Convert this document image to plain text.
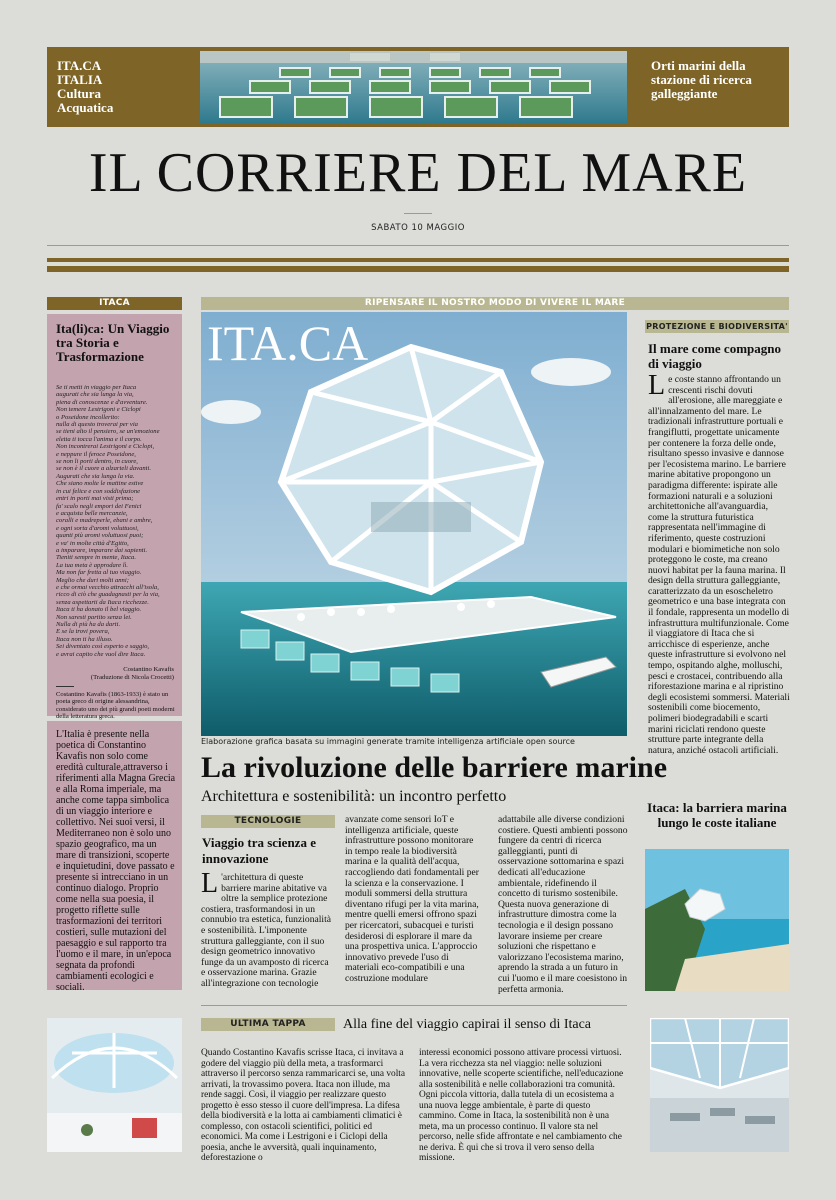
ITA.CA
ITALIA
Cultura
Acquatica
Orti marini della stazione di ricerca galleggiante
IL CORRIERE DEL MARE
SABATO 10 MAGGIO
ITACA
Ita(li)ca: Un Viaggio tra Storia e Trasformazione
Se ti metti in viaggio per Itaca
augurati che sia lunga la via,
piena di conoscenze e d'avventure.
Non temere Lestrigoni e Ciclopi
o Poseidone incollerito:
nulla di questo troverai per via
se tieni alto il pensiero, se un'emozione
eletta ti tocca l'anima e il corpo.
Non incontrerai Lestrigoni e Ciclopi,
e neppure il feroce Poseidone,
se non li porti dentro, in cuore,
se non è il cuore a alzarteli davanti.
Augurati che sia lunga la via.
Che siano molte le mattine estive
in cui felice e con soddisfazione
entri in porti mai visti prima;
fa' scalo negli empori dei Fenici
e acquista belle mercanzie,
coralli e madreperle, ebani e ambre,
e ogni sorta d'aromi voluttuosi,
quanti più aromi voluttuosi puoi;
e va' in molte città d'Egitto,
a imparare, imparare dai sapienti.
Tieniti sempre in mente, Itaca.
La tua meta è approdare lì.
Ma non far fretta al tuo viaggio.
Meglio che duri molti anni;
e che ormai vecchio attracchi all'isola,
ricco di ciò che guadagnasti per la via,
senza aspettarti da Itaca ricchezze.
Itaca ti ha donato il bel viaggio.
Non saresti partito senza lei.
Nulla di più ha da darti.
E se la trovi povera,
Itaca non ti ha illuso.
Sei diventato così esperto e saggio,
e avrai capito che vuol dire Itaca.
Costantino Kavafis
(Traduzione di Nicola Crocetti)
Costantino Kavafis (1863-1933) è stato un poeta greco di origine alessandrina, considerato uno dei più grandi poeti moderni della letteratura greca.
L'Italia è presente nella poetica di Constantino Kavafis non solo come eredità culturale,attraverso i riferimenti alla Magna Grecia e alla Roma imperiale, ma anche come tappa simbolica di un viaggio interiore e collettivo. Nei suoi versi, il Mediterraneo non è solo uno spazio geografico, ma un mare di transizioni, scoperte e inquietudini, dove passato e presente si intrecciano in un continuo dialogo. Proprio come nella sua poesia, il progetto riflette sulle trasformazioni dei territori costieri, sulle mutazioni del paesaggio e sul rapporto tra l'uomo e il mare, in un'epoca segnata da profondi cambiamenti ecologici e sociali.
RIPENSARE IL NOSTRO MODO DI VIVERE IL MARE
ITA.CA
Elaborazione grafica basata su immagini generate tramite intelligenza artificiale open source
La rivoluzione delle barriere marine
Architettura e sostenibilità: un incontro perfetto
TECNOLOGIE
Viaggio tra scienza e innovazione
L 'architettura di queste barriere marine abitative va oltre la semplice protezione costiera, trasformandosi in un connubio tra estetica, funzionalità e sostenibilità. L'imponente struttura galleggiante, con il suo design geometrico innovativo funge da un avamposto di ricerca e osservazione marina. Grazie all'integrazione con tecnologie
avanzate come sensori IoT e intelligenza artificiale, queste infrastrutture possono monitorare in tempo reale la biodiversità marina e la qualità dell'acqua, raccogliendo dati fondamentali per la scienza e la conservazione. I moduli sommersi della struttura diventano rifugi per la vita marina, mentre quelli emersi offrono spazi per ricercatori, subacquei e turisti desiderosi di esplorare il mare da una prospettiva unica. L'approccio innovativo prevede l'uso di materiali eco-compatibili e una costruzione modulare
adattabile alle diverse condizioni costiere. Questi ambienti possono fungere da centri di ricerca galleggianti, punti di osservazione sottomarina e spazi dedicati all'educazione ambientale, ridefinendo il concetto di turismo sostenibile. Questa nuova generazione di infrastrutture dimostra come la tecnologia e il design possano lavorare insieme per creare soluzioni che rispettano e valorizzano l'ecosistema marino, aprendo la strada a un futuro in cui l'uomo e il mare coesistono in perfetta armonia.
PROTEZIONE E BIODIVERSITA'
Il mare come compagno di viaggio
Le coste stanno affrontando un crescenti rischi dovuti all'erosione, alle mareggiate e all'innalzamento del mare. Le tradizionali infrastrutture portuali e frangiflutti, progettate unicamente per contenere la forza delle onde, risultano spesso invasive e dannose per l'ecosistema marino. Le barriere marine abitative propongono un paradigma differente: ispirate alle formazioni naturali e a soluzioni architettoniche all'avanguardia, come la struttura futuristica rappresentata nell'immagine di riferimento, queste costruzioni modulari e biomimetiche non solo proteggono le coste, ma creano nuovi habitat per la fauna marina. Il design della struttura galleggiante, caratterizzato da un esoscheletro geometrico e una base integrata con il fondale, rappresenta un modello di infrastruttura multifunzionale. Come il viaggiatore di Itaca che si arricchisce di esperienze, anche queste infrastrutture si evolvono nel tempo, ospitando alghe, molluschi, pesci e crostacei, contribuendo alla riforestazione marina e al ripristino degli ecosistemi sommersi. Materiali sostenibili come biocemento, polimeri biodegradabili e scarti marini riciclati rendono queste strutture parte integrante della natura, anziché ostacoli artificiali.
Itaca: la barriera marina lungo le coste italiane
ULTIMA TAPPA	Alla fine del viaggio capirai il senso di Itaca
Quando Costantino Kavafis scrisse Itaca, ci invitava a godere del viaggio più della meta, a trasformarci attraverso il percorso senza rammaricarci se, una volta arrivati, la trovassimo povera. Itaca non illude, ma rende saggi. Così, il viaggio per realizzare questo progetto è esso stesso il cuore dell'impresa. La difesa della biodiversità e la lotta ai cambiamenti climatici è complesso, con ostacoli scientifici, politici ed economici. Ma come i Lestrigoni e i Ciclopi della poesia, anche le avversità, quali inquinamento, deforestazione o
interessi economici possono attivare processi virtuosi. La vera ricchezza sta nel viaggio: nelle soluzioni innovative, nelle scoperte scientifiche, nell'educazione alla sostenibilità e nelle collaborazioni tra comunità. Ogni piccola vittoria, dalla tutela di un ecosistema a una nuova legge ambientale, è parte di questo cammino. Come in Itaca, la sostenibilità non è una meta, ma un processo continuo. Il valore sta nel percorso, nelle sfide affrontate e nel cambiamento che ne deriva. È qui che si trova il vero senso della missione.
